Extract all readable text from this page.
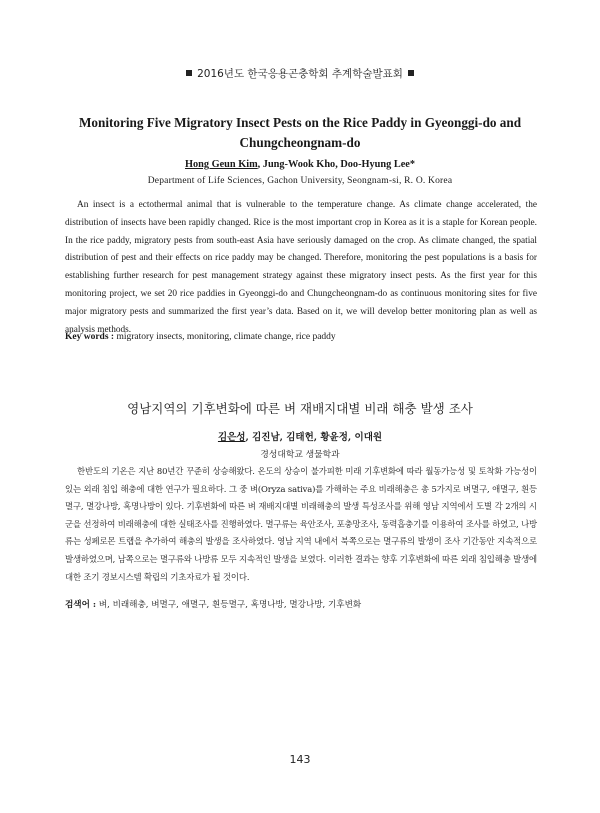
2016년도 한국응용곤충학회 추계학술발표회
Monitoring Five Migratory Insect Pests on the Rice Paddy in Gyeonggi-do and Chungcheongnam-do
Hong Geun Kim, Jung-Wook Kho, Doo-Hyung Lee*
Department of Life Sciences, Gachon University, Seongnam-si, R. O. Korea

An insect is a ectothermal animal that is vulnerable to the temperature change. As climate change accelerated, the distribution of insects have been rapidly changed. Rice is the most important crop in Korea as it is a staple for Korean people. In the rice paddy, migratory pests from south-east Asia have seriously damaged on the crop. As climate changed, the spatial distribution of pest and their effects on rice paddy may be changed. Therefore, monitoring the pest populations is a basis for establishing further research for pest management strategy against these migratory insect pests. As the first year for this monitoring project, we set 20 rice paddies in Gyeonggi-do and Chungcheongnam-do as continuous monitoring sites for five major migratory pests and summarized the first year’s data. Based on it, we will develop better monitoring plan as well as analysis methods.

Key words : migratory insects, monitoring, climate change, rice paddy
영남지역의 기후변화에 따른 벼 재배지대별 비래 해충 발생 조사
김은성, 김진남, 김태헌, 황윤정, 이대원
경성대학교 생물학과

한반도의 기온은 지난 80년간 꾸준히 상승해왔다. 온도의 상승이 불가피한 미래 기후변화에 따라 월동가능성 및 토착화 가능성이 있는 외래 침입 해충에 대한 연구가 필요하다. 그 중 벼(Oryza sativa)를 가해하는 주요 비래해충은 총 5가지로 벼멸구, 애멸구, 흰등멸구, 멸강나방, 혹명나방이 있다. 기후변화에 따른 벼 재배지대별 비래해충의 발생 특성조사를 위해 영남 지역에서 도별 각 2개의 시군을 선정하여 비래해충에 대한 실태조사를 진행하였다. 멸구류는 육안조사, 포충망조사, 동력흡충기를 이용하여 조사를 하였고, 나방류는 성페로몬 트랩을 추가하여 해충의 발생을 조사하였다. 영남 지역 내에서 북쪽으로는 멸구류의 발생이 조사 기간동안 지속적으로 발생하였으며, 남쪽으로는 멸구류와 나방류 모두 지속적인 발생을 보였다. 이러한 결과는 향후 기후변화에 따른 외래 침입해충 발생에 대한 조기 경보시스템 확립의 기초자료가 될 것이다.

검색어 : 벼, 비래해충, 벼멸구, 애멸구, 흰등멸구, 혹명나방, 멸강나방, 기후변화
143
